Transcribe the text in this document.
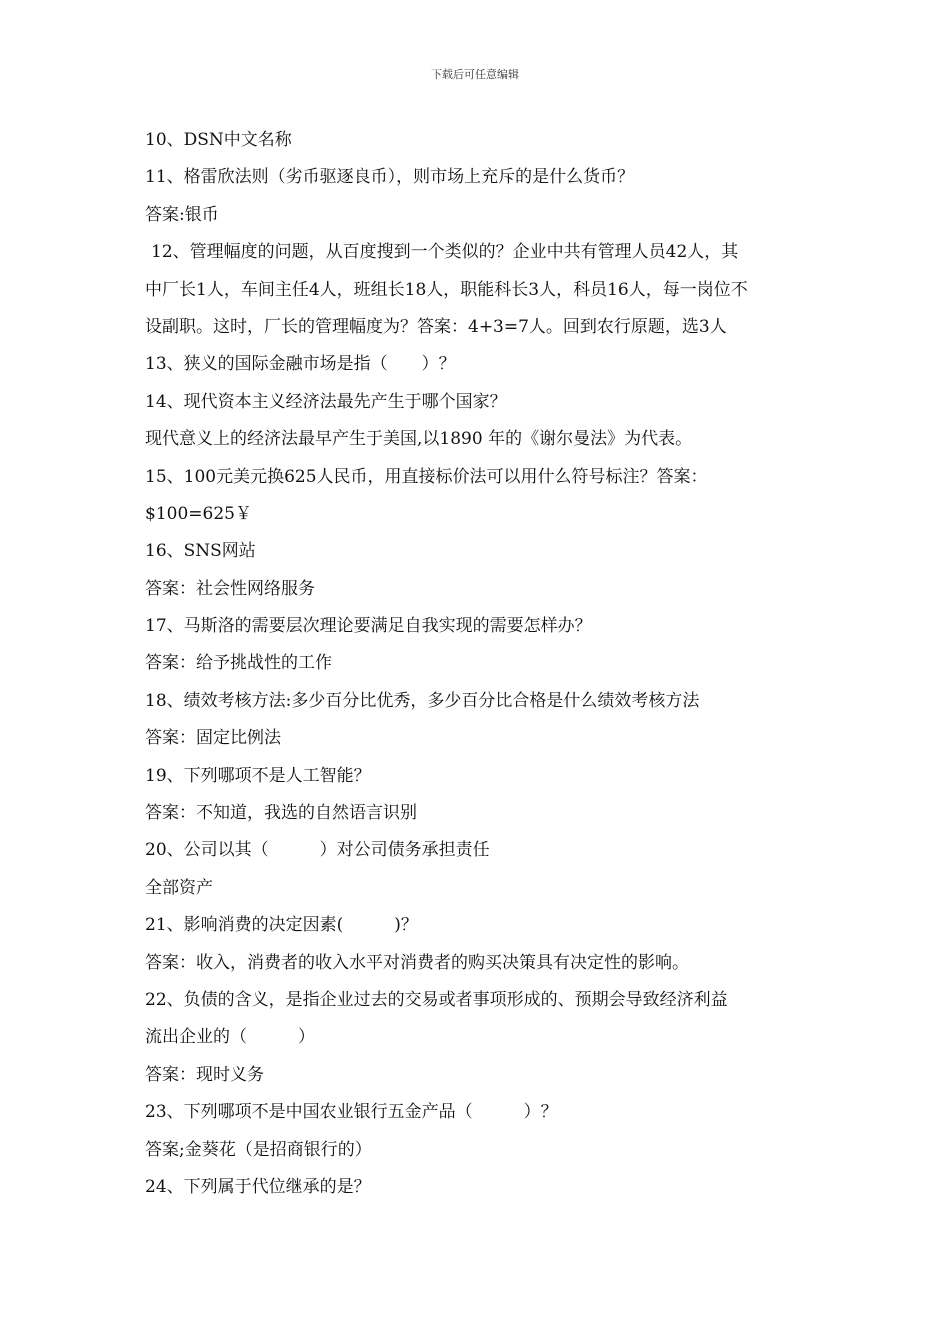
下载后可任意编辑
10、DSN中文名称
11、格雷欣法则（劣币驱逐良币），则市场上充斥的是什么货币？
答案:银币
12、管理幅度的问题，从百度搜到一个类似的？企业中共有管理人员42人，其
中厂长1人，车间主任4人，班组长18人，职能科长3人，科员16人，每一岗位不
设副职。这时，厂长的管理幅度为？答案：4+3=7人。回到农行原题，选3人
13、狭义的国际金融市场是指（　　）？
14、现代资本主义经济法最先产生于哪个国家？
现代意义上的经济法最早产生于美国,以1890 年的《谢尔曼法》为代表。
15、100元美元换625人民币，用直接标价法可以用什么符号标注？答案：
$100=625￥
16、SNS网站
答案：社会性网络服务
17、马斯洛的需要层次理论要满足自我实现的需要怎样办？
答案：给予挑战性的工作
18、绩效考核方法:多少百分比优秀，多少百分比合格是什么绩效考核方法
答案：固定比例法
19、下列哪项不是人工智能？
答案：不知道，我选的自然语言识别
20、公司以其（　　　）对公司债务承担责任
全部资产
21、影响消费的决定因素(　　　)？
答案：收入，消费者的收入水平对消费者的购买决策具有决定性的影响。
22、负债的含义，是指企业过去的交易或者事项形成的、预期会导致经济利益
流出企业的（　　　）
答案：现时义务
23、下列哪项不是中国农业银行五金产品（　　　）？
答案;金葵花（是招商银行的）
24、下列属于代位继承的是？
